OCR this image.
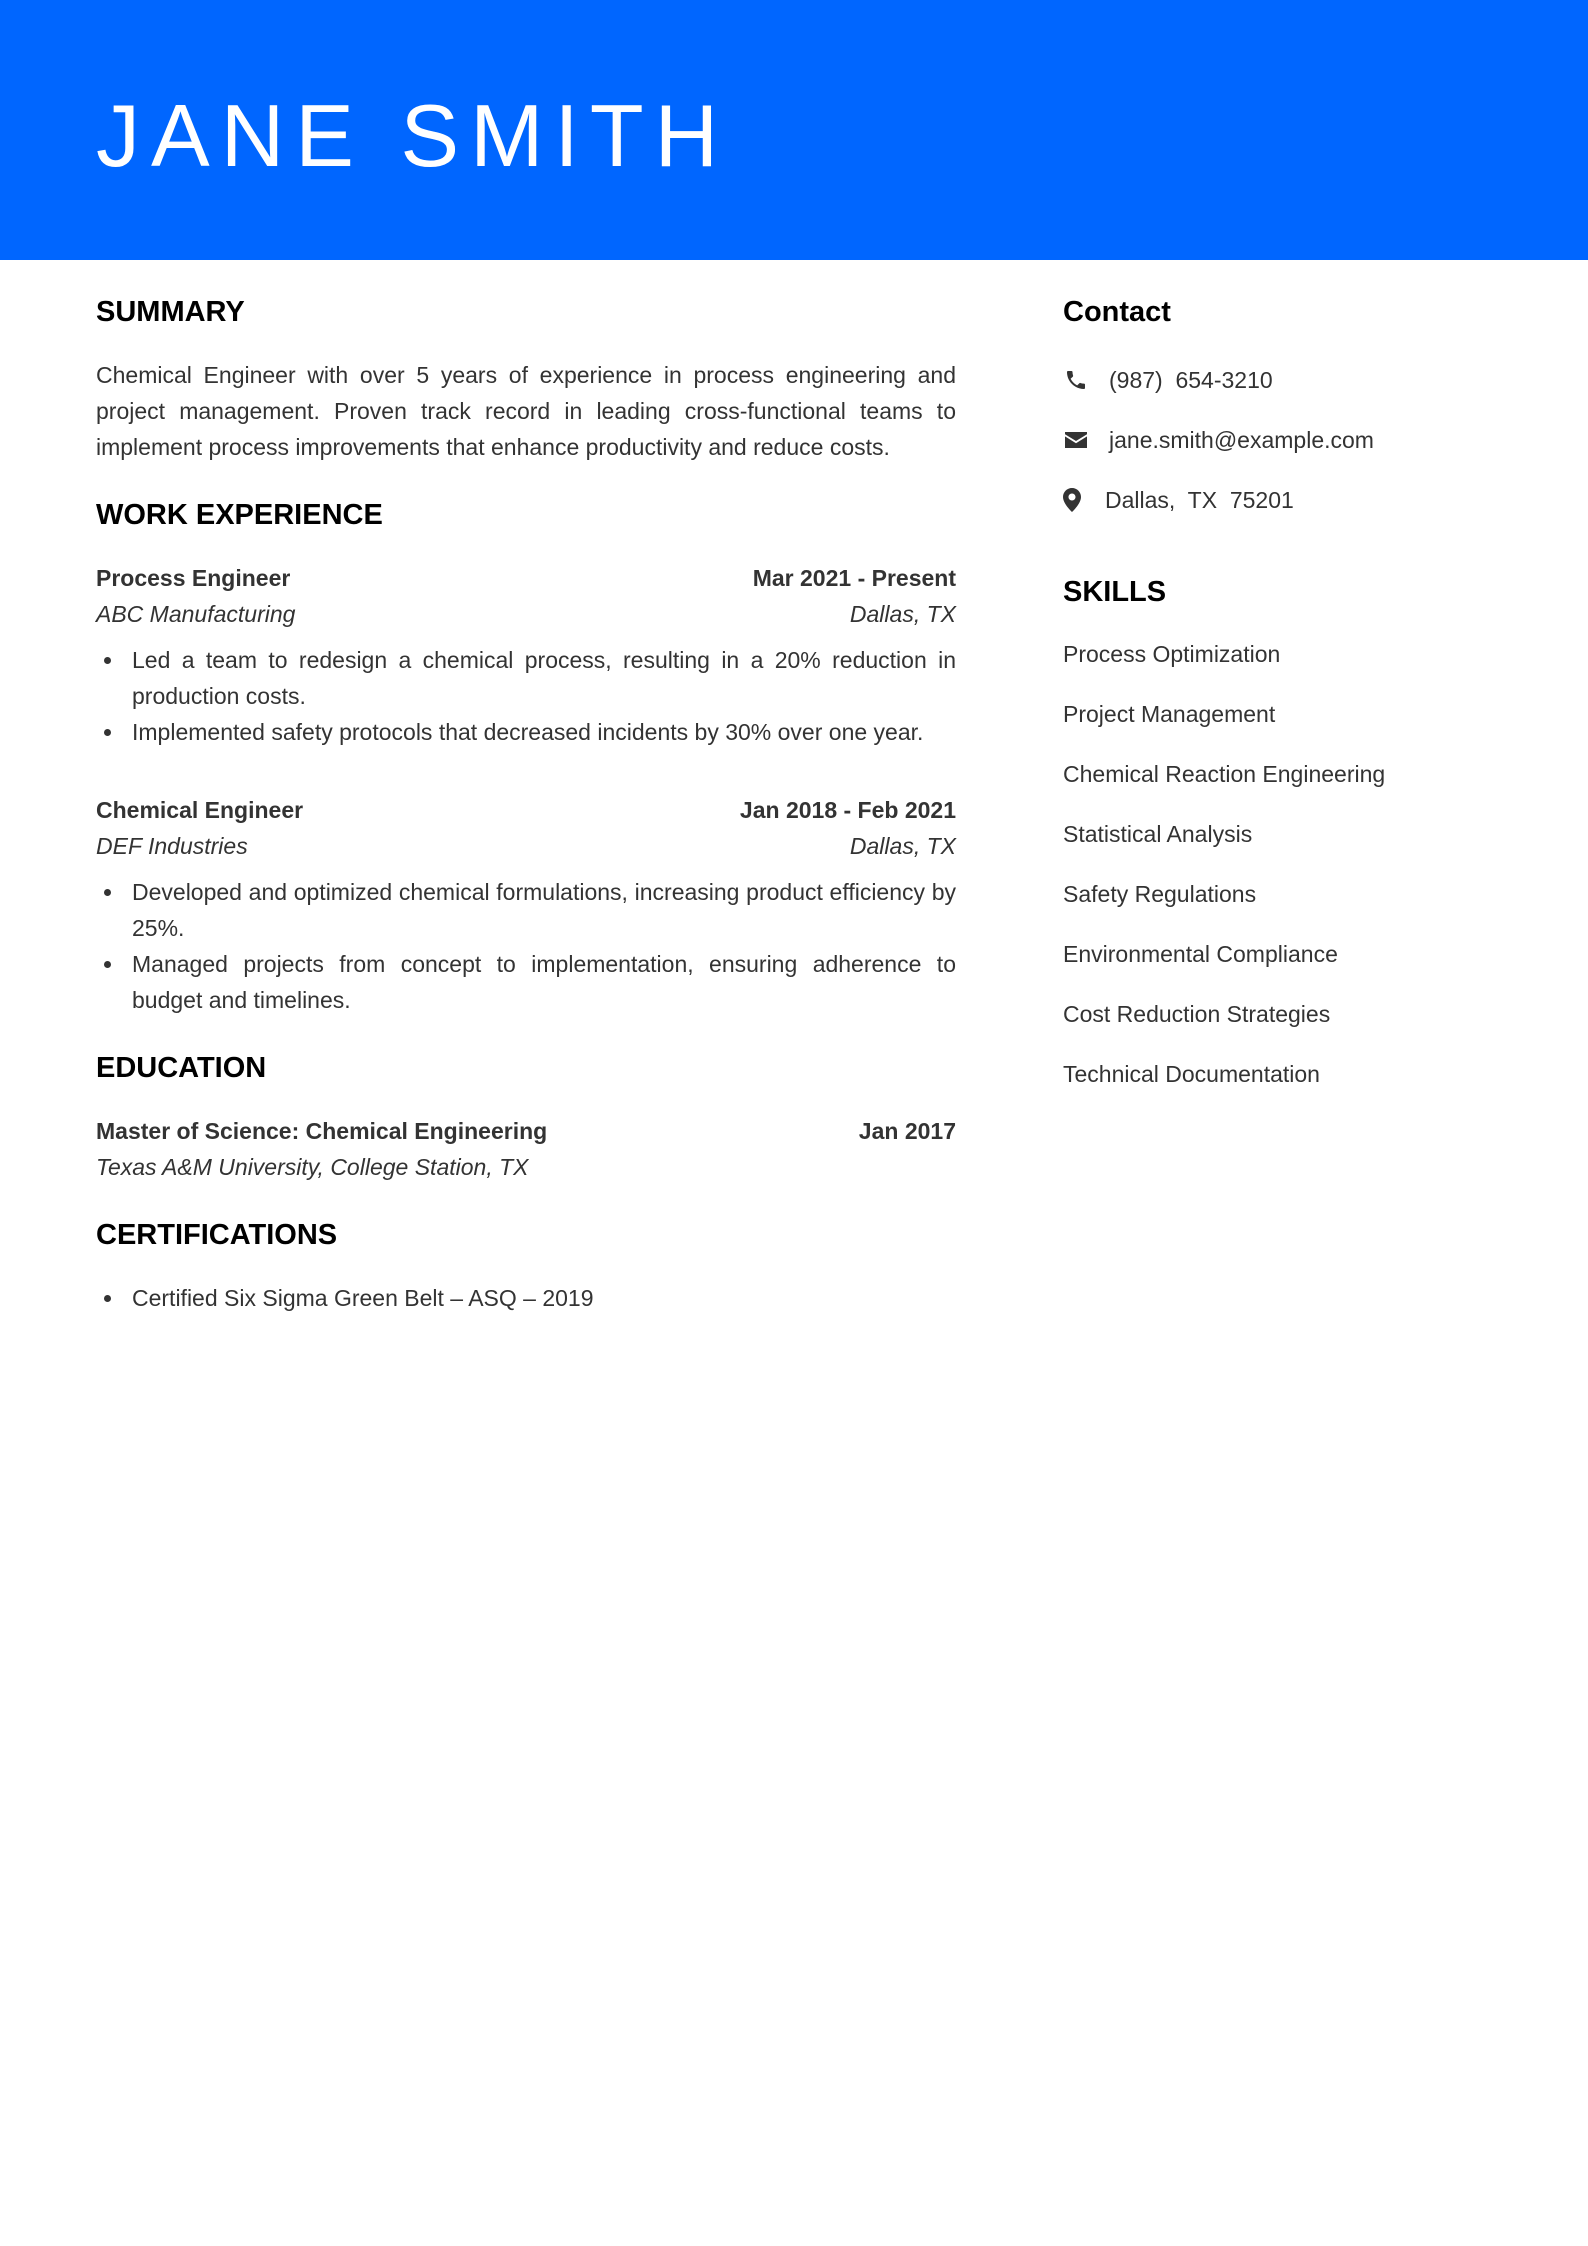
JANE SMITH
SUMMARY

Chemical Engineer with over 5 years of experience in process engineering and project management. Proven track record in leading cross-functional teams to implement process improvements that enhance productivity and reduce costs.

WORK EXPERIENCE
Process Engineer	Mar 2021 - Present
ABC Manufacturing	Dallas, TX
Led a team to redesign a chemical process, resulting in a 20% reduction in production costs.
Implemented safety protocols that decreased incidents by 30% over one year.
Chemical Engineer	Jan 2018 - Feb 2021
DEF Industries	Dallas, TX
Developed and optimized chemical formulations, increasing product efficiency by 25%.
Managed projects from concept to implementation, ensuring adherence to budget and timelines.
EDUCATION
Master of Science: Chemical Engineering	Jan 2017
Texas A&M University, College Station, TX
CERTIFICATIONS
Certified Six Sigma Green Belt – ASQ – 2019
Contact
(987)  654-3210
jane.smith@example.com
Dallas,  TX  75201
SKILLS
Process Optimization
Project Management
Chemical Reaction Engineering
Statistical Analysis
Safety Regulations
Environmental Compliance
Cost Reduction Strategies
Technical Documentation
